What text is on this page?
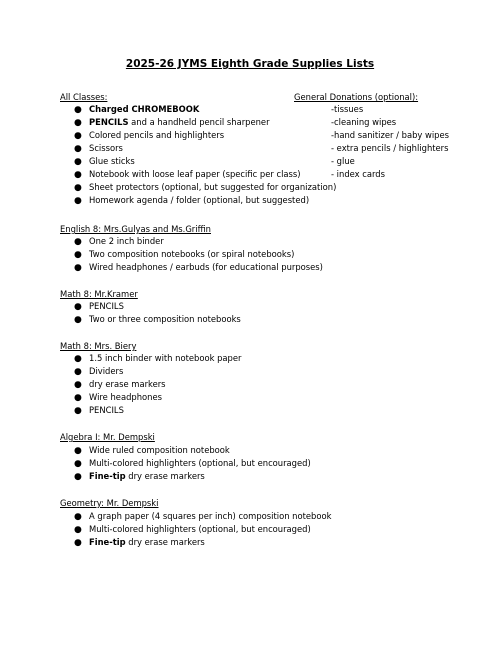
2025-26 JYMS Eighth Grade Supplies Lists
All Classes:
● Charged CHROMEBOOK
● PENCILS and a handheld pencil sharpener
● Colored pencils and highlighters
● Scissors
● Glue sticks
● Notebook with loose leaf paper (specific per class)
● Sheet protectors (optional, but suggested for organization)
● Homework agenda / folder (optional, but suggested)
General Donations (optional):
-tissues
-cleaning wipes
-hand sanitizer / baby wipes
- extra pencils / highlighters
- glue
- index cards
English 8: Mrs.Gulyas and Ms.Griffin
● One 2 inch binder
● Two composition notebooks (or spiral notebooks)
● Wired headphones / earbuds (for educational purposes)
Math 8: Mr.Kramer
● PENCILS
● Two or three composition notebooks
Math 8: Mrs. Biery
● 1.5 inch binder with notebook paper
● Dividers
● dry erase markers
● Wire headphones
● PENCILS
Algebra I: Mr. Dempski
● Wide ruled composition notebook
● Multi-colored highlighters (optional, but encouraged)
● Fine-tip dry erase markers
Geometry: Mr. Dempski
● A graph paper (4 squares per inch) composition notebook
● Multi-colored highlighters (optional, but encouraged)
● Fine-tip dry erase markers
